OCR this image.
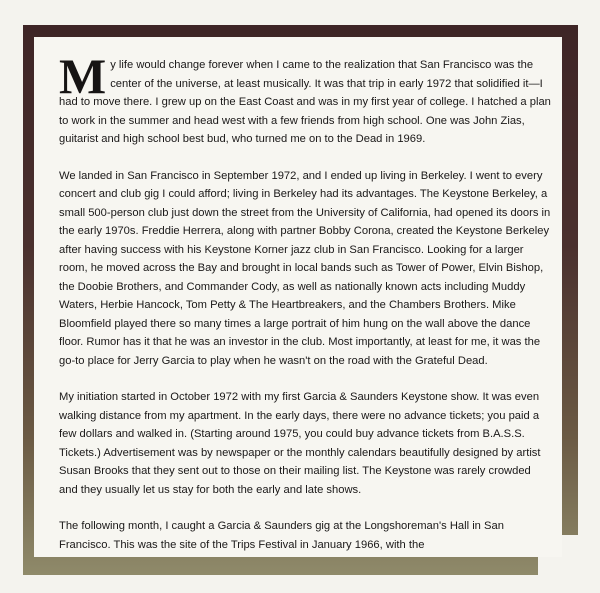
My life would change forever when I came to the realization that San Francisco was the center of the universe, at least musically. It was that trip in early 1972 that solidified it—I had to move there. I grew up on the East Coast and was in my first year of college. I hatched a plan to work in the summer and head west with a few friends from high school. One was John Zias, guitarist and high school best bud, who turned me on to the Dead in 1969.

We landed in San Francisco in September 1972, and I ended up living in Berkeley. I went to every concert and club gig I could afford; living in Berkeley had its advantages. The Keystone Berkeley, a small 500-person club just down the street from the University of California, had opened its doors in the early 1970s. Freddie Herrera, along with partner Bobby Corona, created the Keystone Berkeley after having success with his Keystone Korner jazz club in San Francisco. Looking for a larger room, he moved across the Bay and brought in local bands such as Tower of Power, Elvin Bishop, the Doobie Brothers, and Commander Cody, as well as nationally known acts including Muddy Waters, Herbie Hancock, Tom Petty & The Heartbreakers, and the Chambers Brothers. Mike Bloomfield played there so many times a large portrait of him hung on the wall above the dance floor. Rumor has it that he was an investor in the club. Most importantly, at least for me, it was the go-to place for Jerry Garcia to play when he wasn't on the road with the Grateful Dead.

My initiation started in October 1972 with my first Garcia & Saunders Keystone show. It was even walking distance from my apartment. In the early days, there were no advance tickets; you paid a few dollars and walked in. (Starting around 1975, you could buy advance tickets from B.A.S.S. Tickets.) Advertisement was by newspaper or the monthly calendars beautifully designed by artist Susan Brooks that they sent out to those on their mailing list. The Keystone was rarely crowded and they usually let us stay for both the early and late shows.

The following month, I caught a Garcia & Saunders gig at the Longshoreman's Hall in San Francisco. This was the site of the Trips Festival in January 1966, with the
